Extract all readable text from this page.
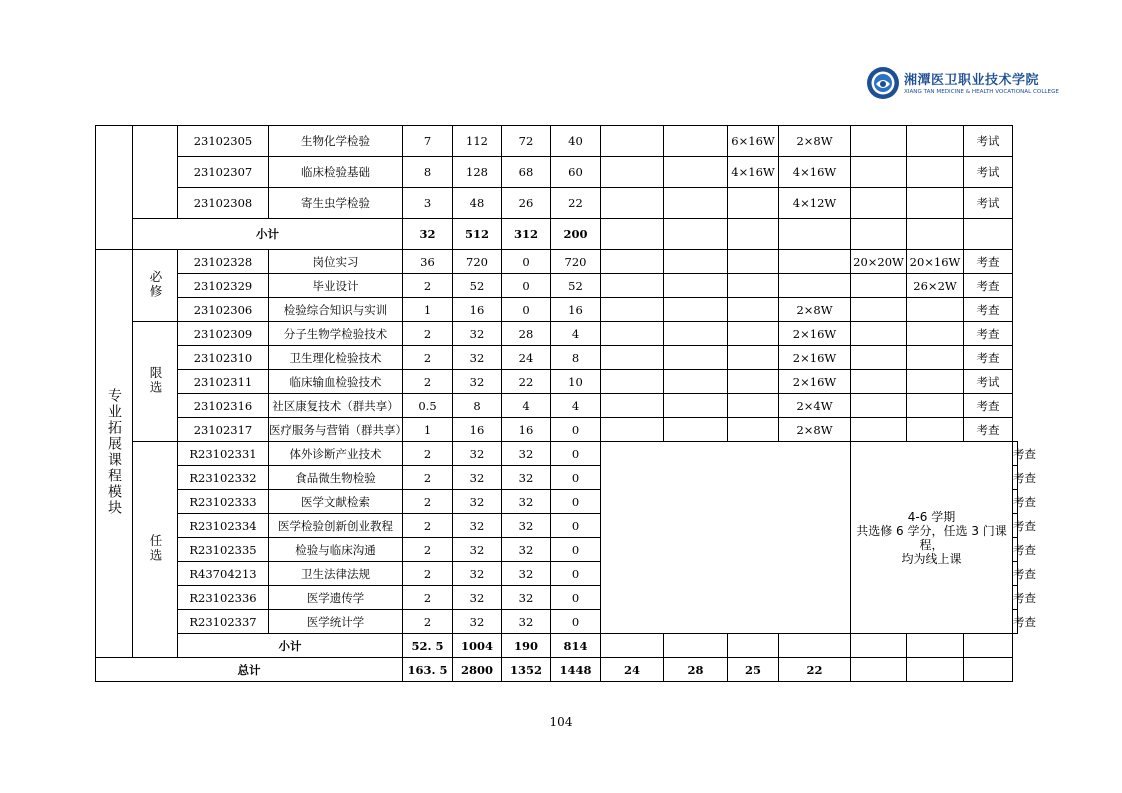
湘潭医卫职业技术学院
XIANG TAN MEDICINE & HEALTH VOCATIONAL COLLEGE
		23102305	生物化学检验	7	112	72	40			6×16W	2×8W			考试	
		23102307	临床检验基础	8	128	68	60			4×16W	4×16W			考试	
		23102308	寄生虫学检验	3	48	26	22				4×12W			考试	
	小计			32	512	312	200								
专业拓展课程模块	必修	23102328	岗位实习	36	720	0	720					20×20W	20×16W	考查	
		23102329	毕业设计	2	52	0	52						26×2W	考查	
		23102306	检验综合知识与实训	1	16	0	16				2×8W			考查	
	限选	23102309	分子生物学检验技术	2	32	28	4				2×16W			考查	
		23102310	卫生理化检验技术	2	32	24	8				2×16W			考查	
		23102311	临床输血检验技术	2	32	22	10				2×16W			考试	
		23102316	社区康复技术（群共享）	0.5	8	4	4				2×4W			考查	
		23102317	医疗服务与营销（群共享）	1	16	16	0				2×8W			考查	
	任选	R23102331	体外诊断产业技术	2	32	32	0					4-6 学期
共选修 6 学分，任选 3 门课程，
均为线上课			考查
		R23102332	食品微生物检验	2	32	32	0								考查
		R23102333	医学文献检索	2	32	32	0								考查
		R23102334	医学检验创新创业教程	2	32	32	0								考查
		R23102335	检验与临床沟通	2	32	32	0								考查
		R43704213	卫生法律法规	2	32	32	0								考查
		R23102336	医学遗传学	2	32	32	0								考查
		R23102337	医学统计学	2	32	32	0								考查
		小计		52. 5	1004	190	814								
总计				163. 5	2800	1352	1448	24	28	25	22				
104
